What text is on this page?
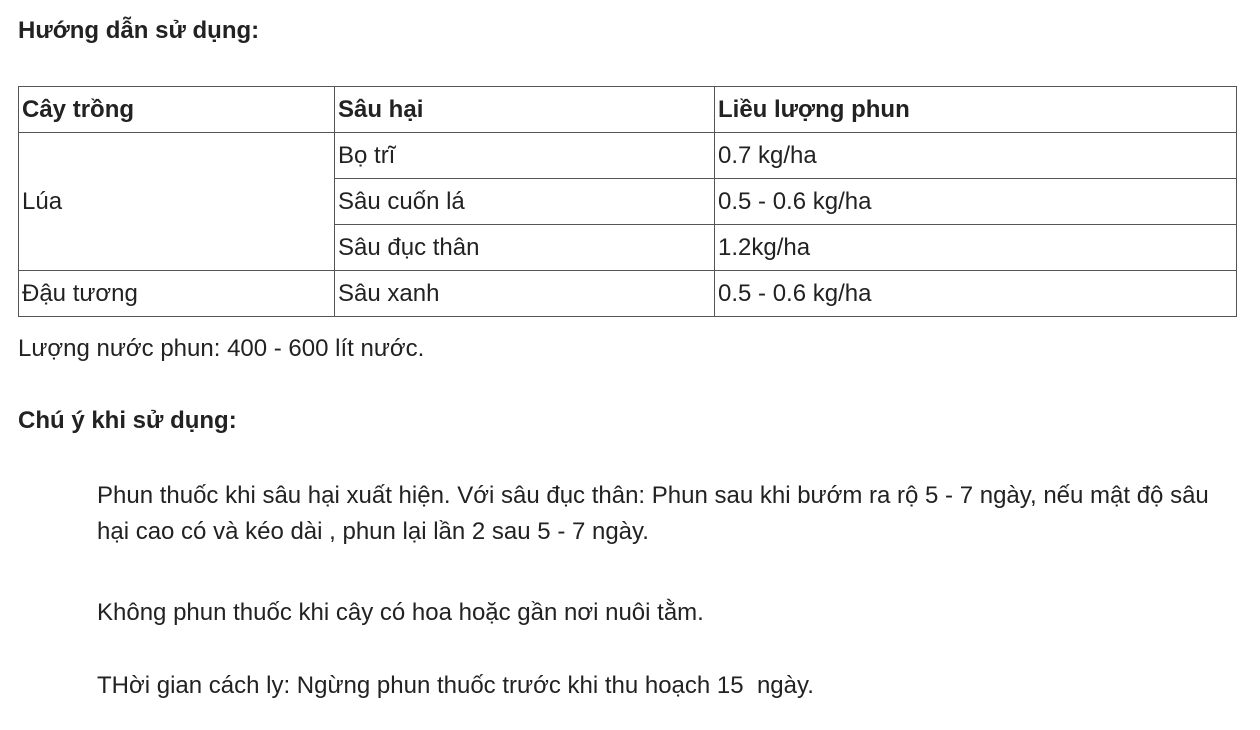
Hướng dẫn sử dụng:
Cây trồng	Sâu hại	Liều lượng phun
Lúa	Bọ trĩ	0.7 kg/ha
	Sâu cuốn lá	0.5 - 0.6 kg/ha
	Sâu đục thân	1.2kg/ha
Đậu tương	Sâu xanh	0.5 - 0.6 kg/ha
Lượng nước phun: 400 - 600 lít nước.
Chú ý khi sử dụng:
Phun thuốc khi sâu hại xuất hiện. Với sâu đục thân: Phun sau khi bướm ra rộ 5 - 7 ngày, nếu mật độ sâu hại cao có và kéo dài , phun lại lần 2 sau 5 - 7 ngày.
Không phun thuốc khi cây có hoa hoặc gần nơi nuôi tằm.
THời gian cách ly: Ngừng phun thuốc trước khi thu hoạch 15  ngày.
